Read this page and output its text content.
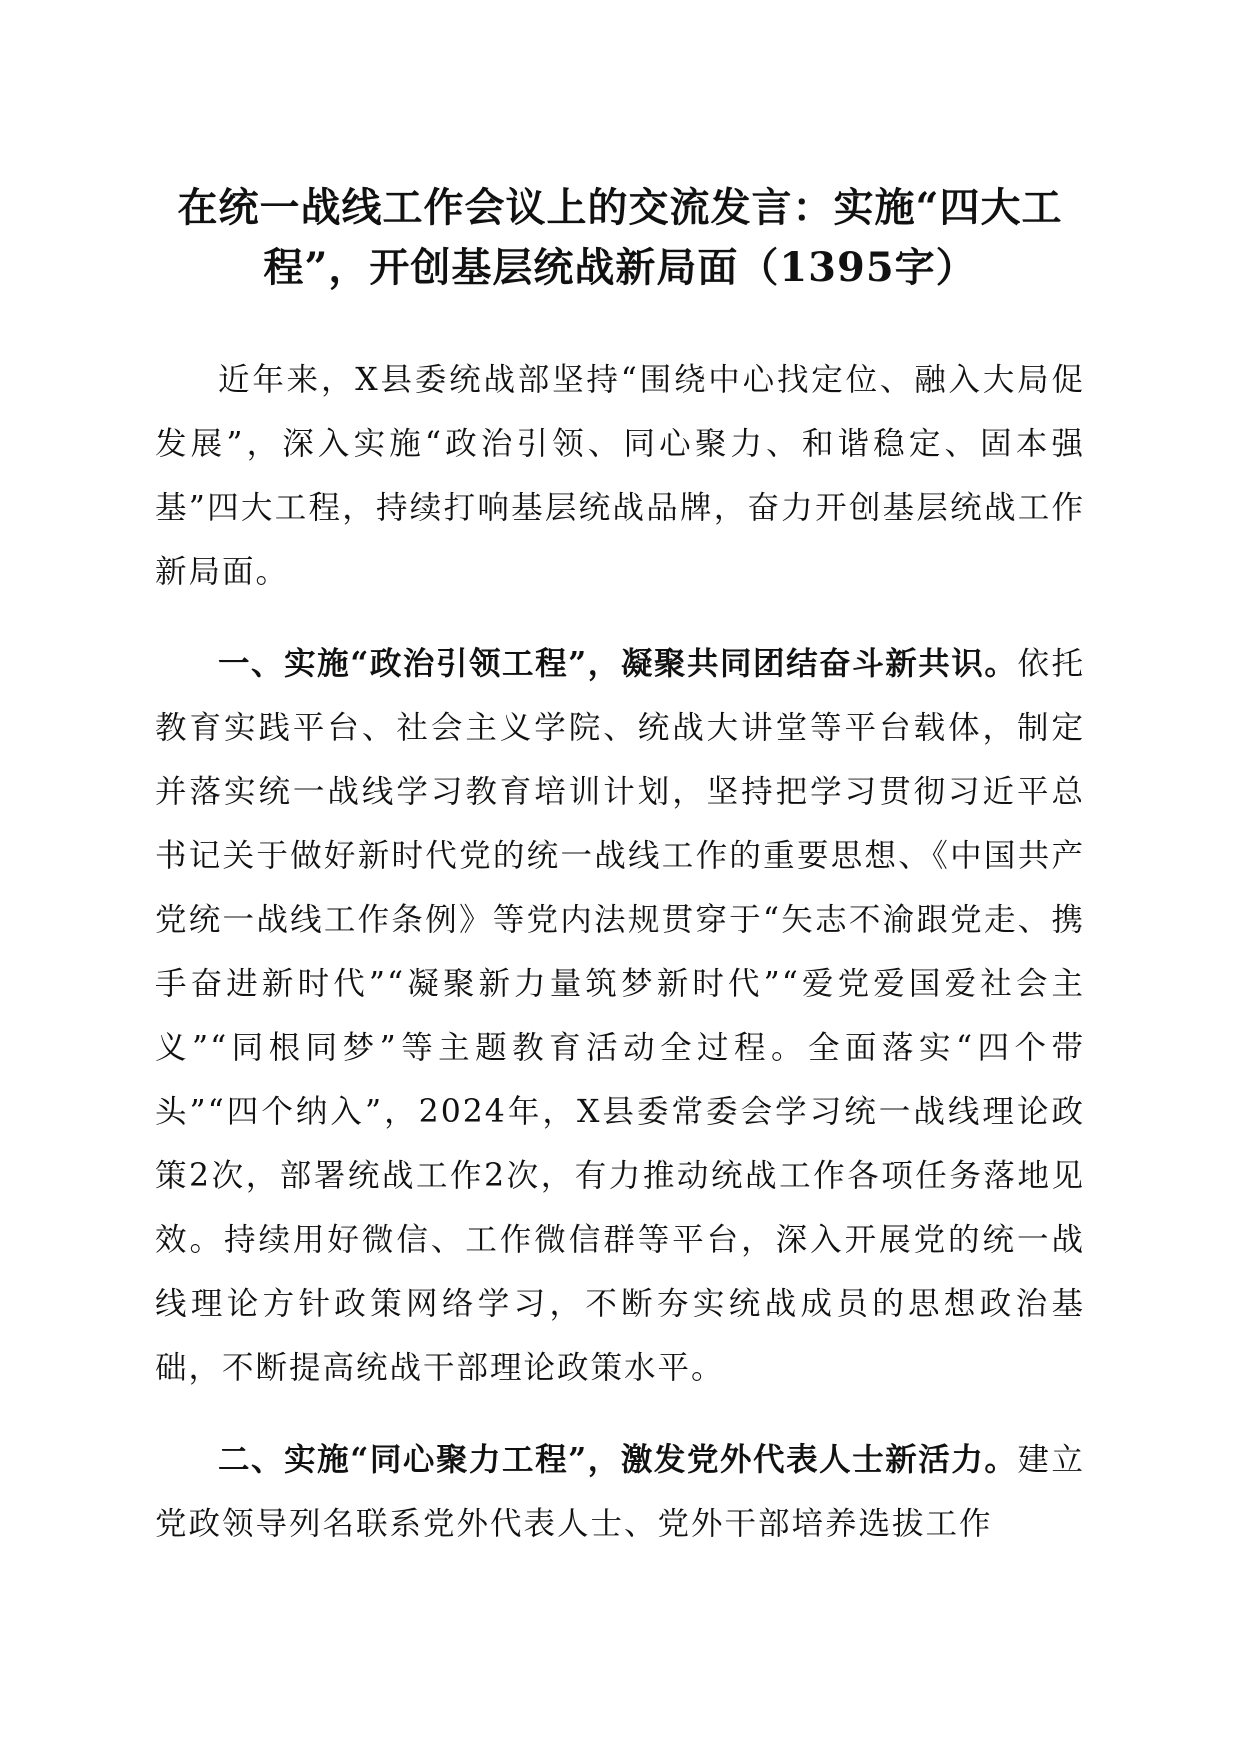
在统一战线工作会议上的交流发言：实施“四大工程”，开创基层统战新局面（1395字）

近年来，X县委统战部坚持“围绕中心找定位、融入大局促发展”，深入实施“政治引领、同心聚力、和谐稳定、固本强基”四大工程，持续打响基层统战品牌，奋力开创基层统战工作新局面。

一、实施“政治引领工程”，凝聚共同团结奋斗新共识。依托教育实践平台、社会主义学院、统战大讲堂等平台载体，制定并落实统一战线学习教育培训计划，坚持把学习贯彻习近平总书记关于做好新时代党的统一战线工作的重要思想、《中国共产党统一战线工作条例》等党内法规贯穿于“矢志不渝跟党走、携手奋进新时代”“凝聚新力量筑梦新时代”“爱党爱国爱社会主义”“同根同梦”等主题教育活动全过程。全面落实“四个带头”“四个纳入”，2024年，X县委常委会学习统一战线理论政策2次，部署统战工作2次，有力推动统战工作各项任务落地见效。持续用好微信、工作微信群等平台，深入开展党的统一战线理论方针政策网络学习，不断夯实统战成员的思想政治基础，不断提高统战干部理论政策水平。

二、实施“同心聚力工程”，激发党外代表人士新活力。建立党政领导列名联系党外代表人士、党外干部培养选拔工作
